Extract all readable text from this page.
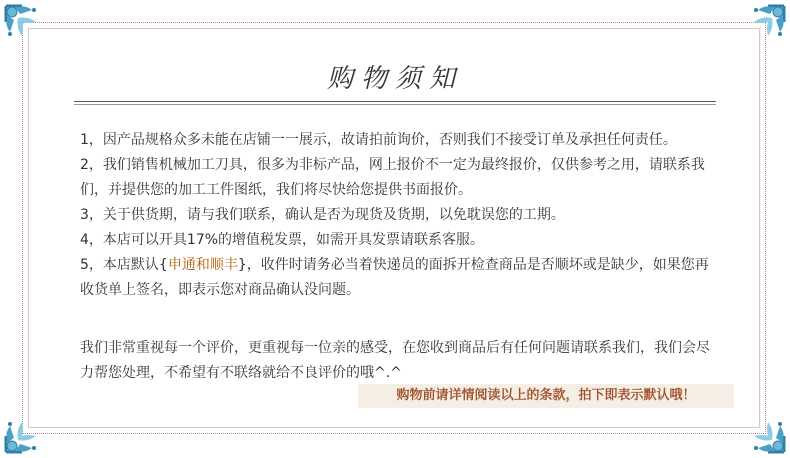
购物须知

1，因产品规格众多未能在店铺一一展示，故请拍前询价，否则我们不接受订单及承担任何责任。

2，我们销售机械加工刀具，很多为非标产品，网上报价不一定为最终报价，仅供参考之用，请联系我们，并提供您的加工工件图纸，我们将尽快给您提供书面报价。

3，关于供货期，请与我们联系，确认是否为现货及货期，以免耽误您的工期。

4，本店可以开具17%的增值税发票，如需开具发票请联系客服。

5，本店默认{申通和顺丰}，收件时请务必当着快递员的面拆开检查商品是否顺坏或是缺少，如果您再收货单上签名，即表示您对商品确认没问题。

我们非常重视每一个评价，更重视每一位亲的感受，在您收到商品后有任何问题请联系我们，我们会尽力帮您处理，不希望有不联络就给不良评价的哦^.^

购物前请详情阅读以上的条款，拍下即表示默认哦！
